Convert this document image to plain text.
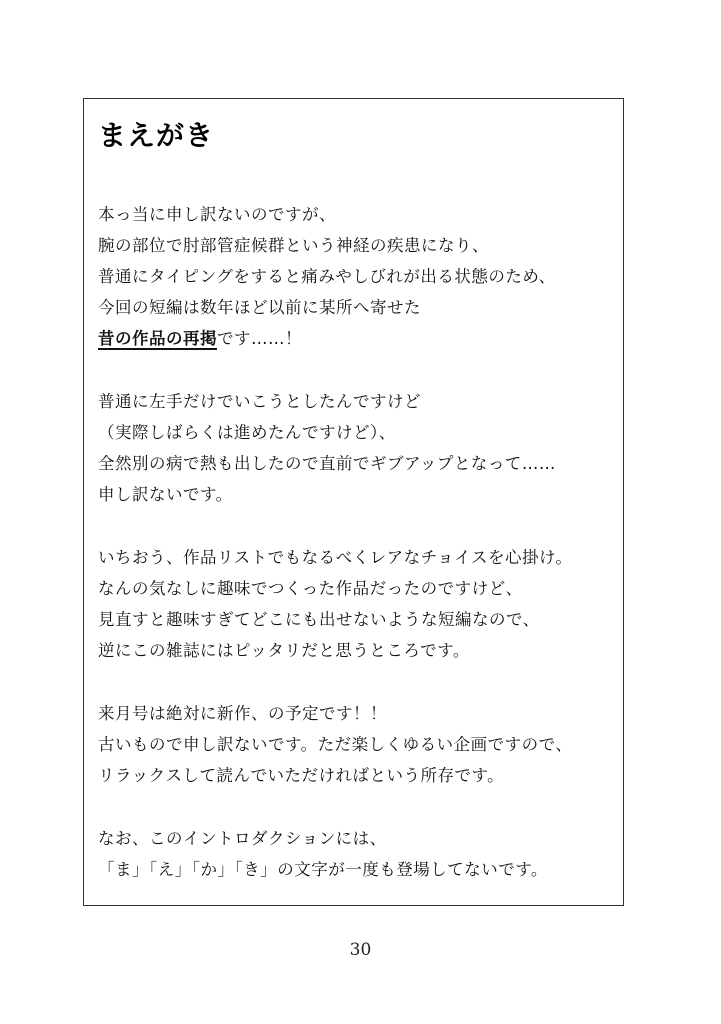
まえがき

本っ当に申し訳ないのですが、
腕の部位で肘部管症候群という神経の疾患になり、
普通にタイピングをすると痛みやしびれが出る状態のため、
今回の短編は数年ほど以前に某所へ寄せた
昔の作品の再掲です……！

普通に左手だけでいこうとしたんですけど
（実際しばらくは進めたんですけど）、
全然別の病で熱も出したので直前でギブアップとなって……
申し訳ないです。

いちおう、作品リストでもなるべくレアなチョイスを心掛け。
なんの気なしに趣味でつくった作品だったのですけど、
見直すと趣味すぎてどこにも出せないような短編なので、
逆にこの雑誌にはピッタリだと思うところです。

来月号は絶対に新作、の予定です！！
古いもので申し訳ないです。ただ楽しくゆるい企画ですので、
リラックスして読んでいただければという所存です。

なお、このイントロダクションには、
「ま」「え」「か」「き」の文字が一度も登場してないです。

30
